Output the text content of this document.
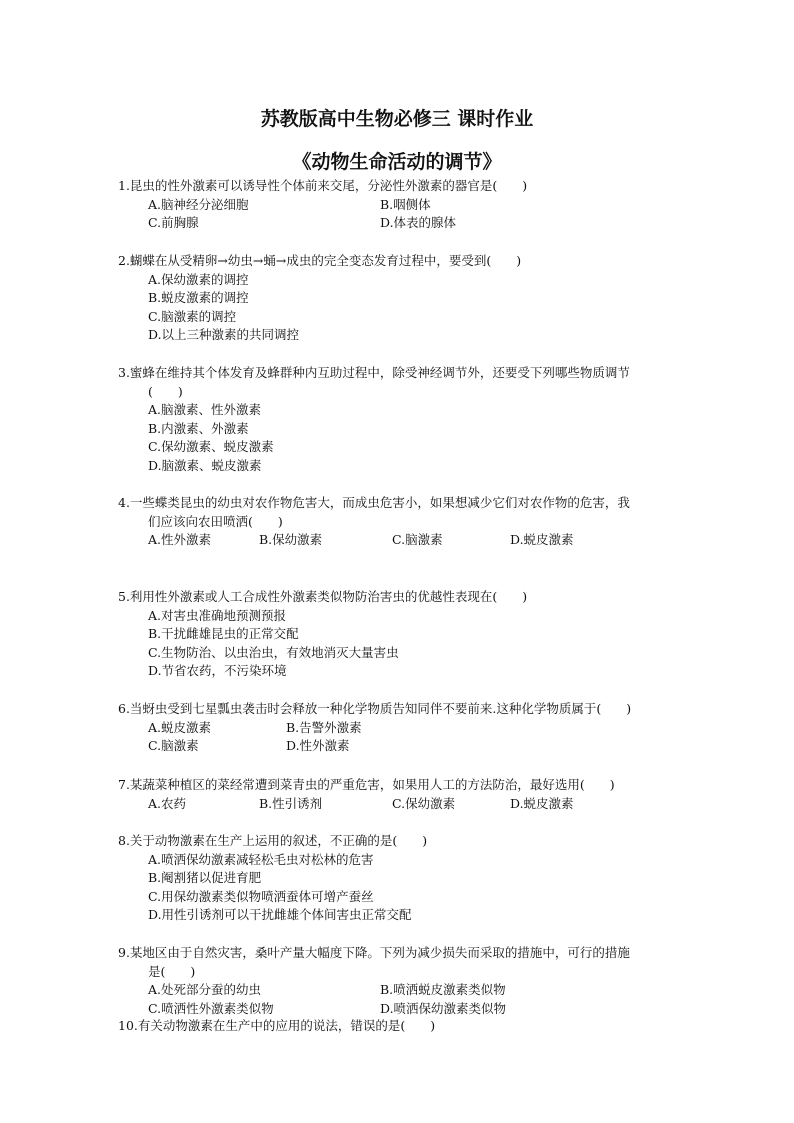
苏教版高中生物必修三 课时作业
《动物生命活动的调节》
1.昆虫的性外激素可以诱导性个体前来交尾，分泌性外激素的器官是(　　)
A.脑神经分泌细胞	B.咽侧体
C.前胸腺	D.体表的腺体
2.蝴蝶在从受精卵→幼虫→蛹→成虫的完全变态发育过程中，要受到(　　)
A.保幼激素的调控
B.蜕皮激素的调控
C.脑激素的调控
D.以上三种激素的共同调控
3.蜜蜂在维持其个体发育及蜂群种内互助过程中，除受神经调节外，还要受下列哪些物质调节
(　　)
A.脑激素、性外激素
B.内激素、外激素
C.保幼激素、蜕皮激素
D.脑激素、蜕皮激素
4.一些蝶类昆虫的幼虫对农作物危害大，而成虫危害小，如果想减少它们对农作物的危害，我
们应该向农田喷洒(　　)
A.性外激素	B.保幼激素	C.脑激素	D.蜕皮激素
5.利用性外激素或人工合成性外激素类似物防治害虫的优越性表现在(　　)
A.对害虫准确地预测预报
B.干扰雌雄昆虫的正常交配
C.生物防治、以虫治虫，有效地消灭大量害虫
D.节省农药，不污染环境
6.当蚜虫受到七星瓢虫袭击时会释放一种化学物质告知同伴不要前来.这种化学物质属于(　　)
A.蜕皮激素	B.告警外激素
C.脑激素	D.性外激素
7.某蔬菜种植区的菜经常遭到菜青虫的严重危害，如果用人工的方法防治，最好选用(　　)
A.农药	B.性引诱剂	C.保幼激素	D.蜕皮激素
8.关于动物激素在生产上运用的叙述，不正确的是(　　)
A.喷洒保幼激素减轻松毛虫对松林的危害
B.阉割猪以促进育肥
C.用保幼激素类似物喷洒蚕体可增产蚕丝
D.用性引诱剂可以干扰雌雄个体间害虫正常交配
9.某地区由于自然灾害，桑叶产量大幅度下降。下列为减少损失而采取的措施中，可行的措施
是(　　)
A.处死部分蚕的幼虫	B.喷洒蜕皮激素类似物
C.喷洒性外激素类似物	D.喷洒保幼激素类似物
10.有关动物激素在生产中的应用的说法，错误的是(　　)
